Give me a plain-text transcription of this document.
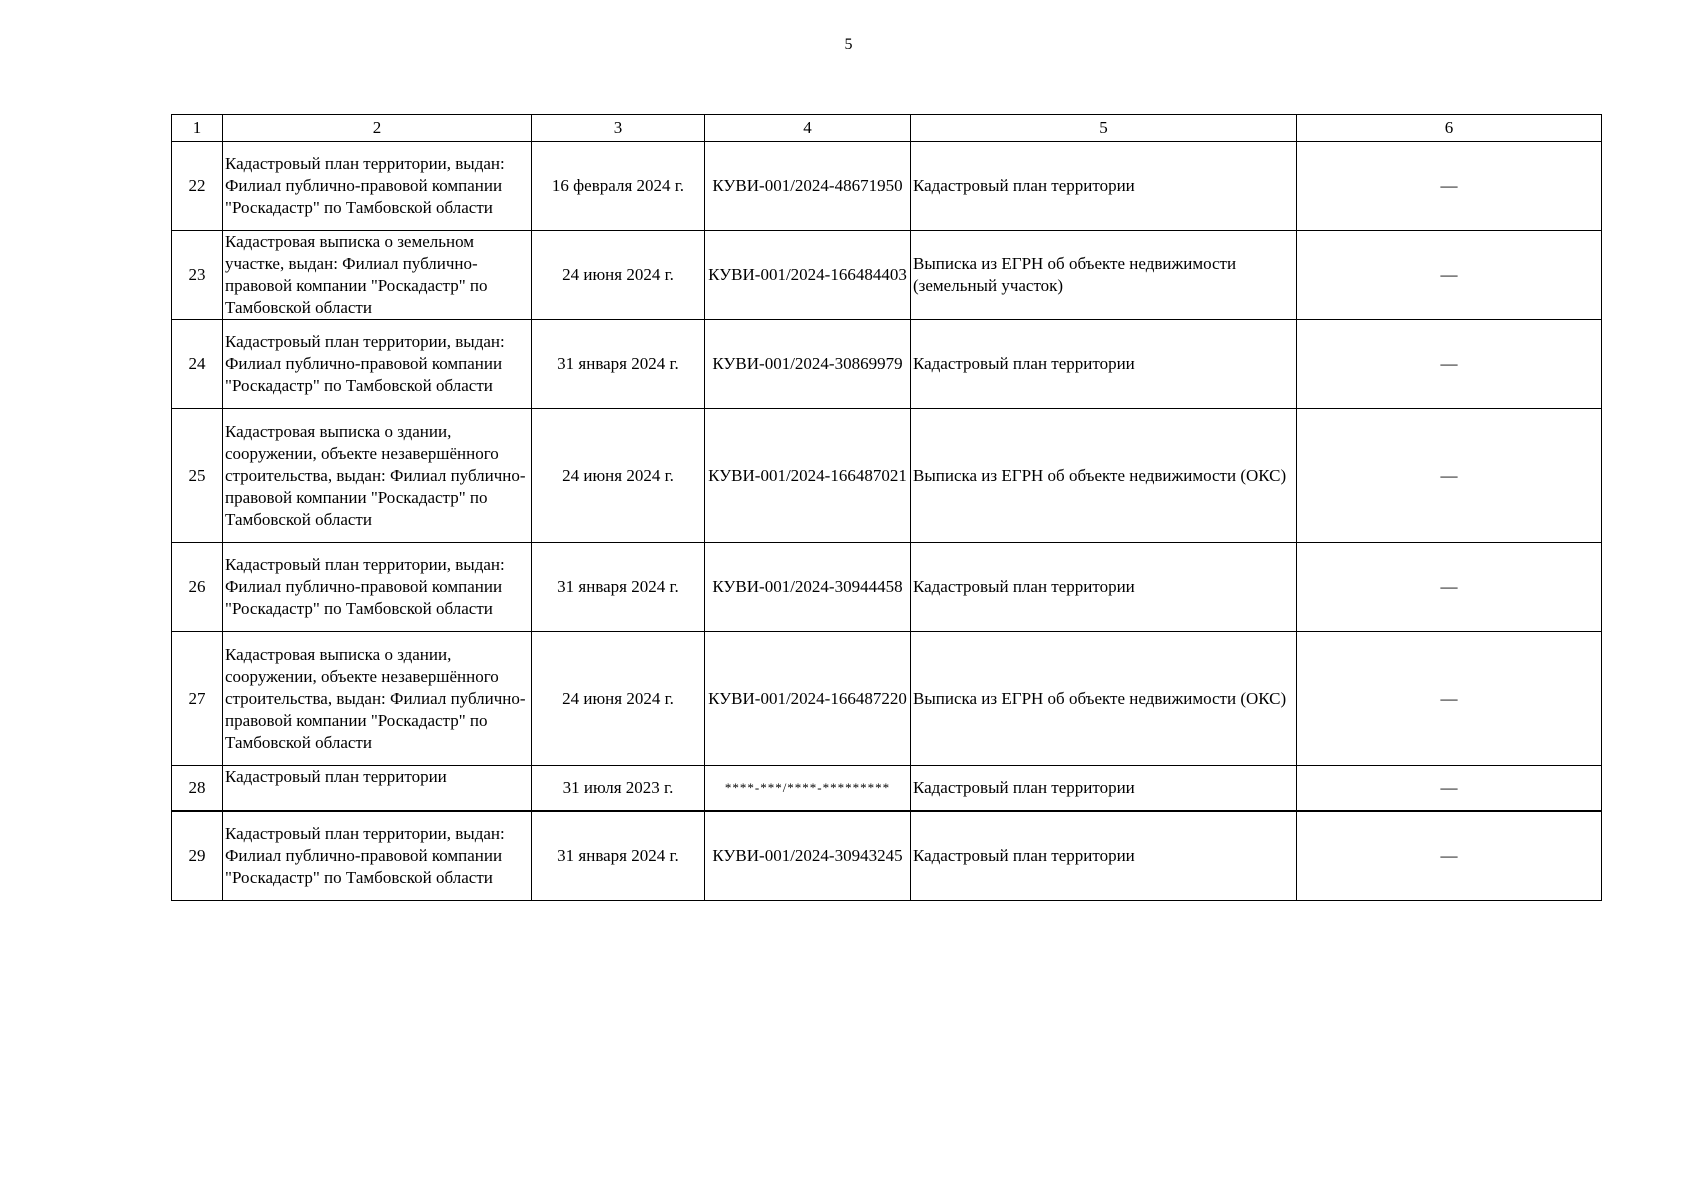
5
1	2	3	4	5	6
22	Кадастровый план территории, выдан: Филиал публично-правовой компании "Роскадастр" по Тамбовской области	16 февраля 2024 г.	КУВИ-001/2024-48671950	Кадастровый план территории	—
23	Кадастровая выписка о земельном участке, выдан: Филиал публично-правовой компании "Роскадастр" по Тамбовской области	24 июня 2024 г.	КУВИ-001/2024-166484403	Выписка из ЕГРН об объекте недвижимости (земельный участок)	—
24	Кадастровый план территории, выдан: Филиал публично-правовой компании "Роскадастр" по Тамбовской области	31 января 2024 г.	КУВИ-001/2024-30869979	Кадастровый план территории	—
25	Кадастровая выписка о здании, сооружении, объекте незавершённого строительства, выдан: Филиал публично-правовой компании "Роскадастр" по Тамбовской области	24 июня 2024 г.	КУВИ-001/2024-166487021	Выписка из ЕГРН об объекте недвижимости (ОКС)	—
26	Кадастровый план территории, выдан: Филиал публично-правовой компании "Роскадастр" по Тамбовской области	31 января 2024 г.	КУВИ-001/2024-30944458	Кадастровый план территории	—
27	Кадастровая выписка о здании, сооружении, объекте незавершённого строительства, выдан: Филиал публично-правовой компании "Роскадастр" по Тамбовской области	24 июня 2024 г.	КУВИ-001/2024-166487220	Выписка из ЕГРН об объекте недвижимости (ОКС)	—
28	Кадастровый план территории	31 июля 2023 г.	****-***/****-*********	Кадастровый план территории	—
29	Кадастровый план территории, выдан: Филиал публично-правовой компании "Роскадастр" по Тамбовской области	31 января 2024 г.	КУВИ-001/2024-30943245	Кадастровый план территории	—
